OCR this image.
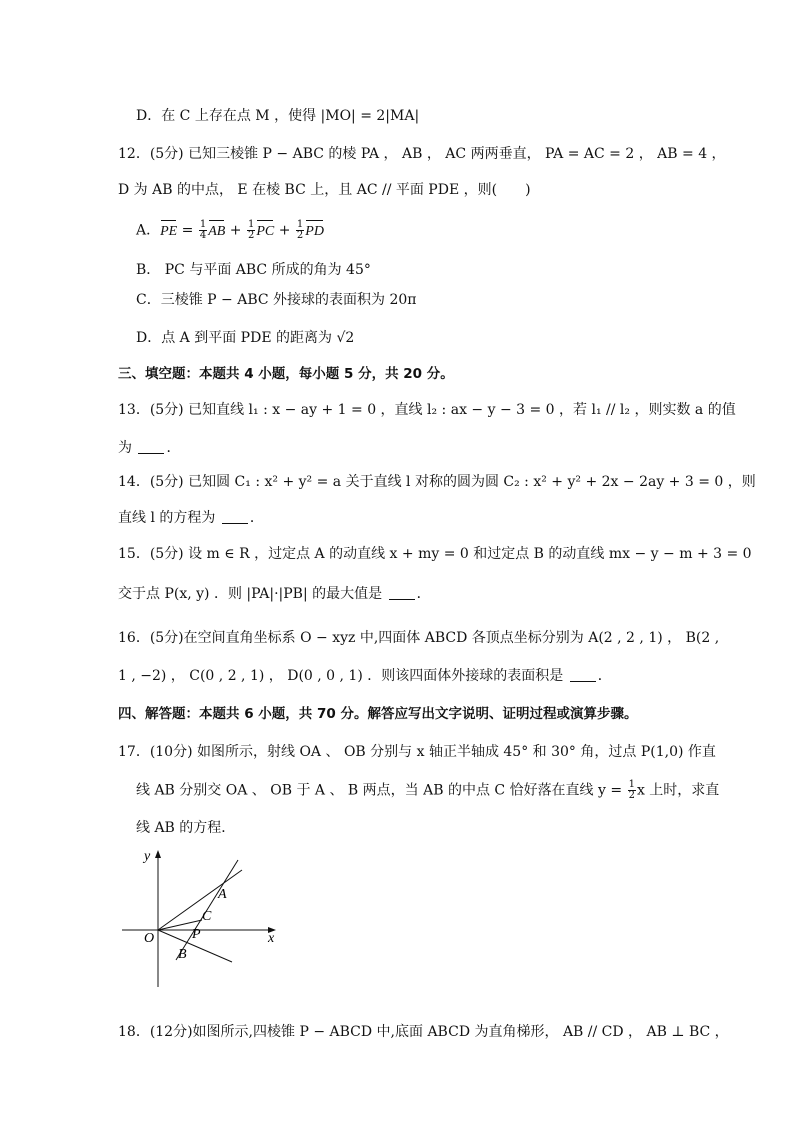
D．在 C 上存在点 M ，使得 |MO| = 2|MA|
12．(5分) 已知三棱锥 P − ABC 的棱 PA ， AB ， AC 两两垂直， PA = AC = 2 ， AB = 4 ，
D 为 AB 的中点， E 在棱 BC 上，且 AC // 平面 PDE ，则(　　)
A．PE = $\frac{1}{4}$ AB + $\frac{1}{2}$ PC + $\frac{1}{2}$ PD
B． PC 与平面 ABC 所成的角为 45°
C．三棱锥 P − ABC 外接球的表面积为 20π
D．点 A 到平面 PDE 的距离为 √2
三、填空题：本题共 4 小题，每小题 5 分，共 20 分。
13．(5分) 已知直线 l₁ : x − ay + 1 = 0 ，直线 l₂ : ax − y − 3 = 0 ，若 l₁ // l₂ ，则实数 a 的值
为 ．
14．(5分) 已知圆 C₁ : x² + y² = a 关于直线 l 对称的圆为圆 C₂ : x² + y² + 2x − 2ay + 3 = 0 ，则
直线 l 的方程为 ．
15．(5分) 设 m ∈ R ，过定点 A 的动直线 x + my = 0 和过定点 B 的动直线 mx − y − m + 3 = 0
交于点 P(x, y) ．则 |PA|·|PB| 的最大值是 ．
16．(5分)在空间直角坐标系 O − xyz 中,四面体 ABCD 各顶点坐标分别为 A(2 , 2 , 1) ， B(2 ,
1 , −2) ， C(0 , 2 , 1) ， D(0 , 0 , 1) ．则该四面体外接球的表面积是 ．
四、解答题：本题共 6 小题，共 70 分。解答应写出文字说明、证明过程或演算步骤。
17．(10分) 如图所示，射线 OA 、 OB 分别与 x 轴正半轴成 45° 和 30° 角，过点 P(1,0) 作直
线 AB 分别交 OA 、 OB 于 A 、 B 两点，当 AB 的中点 C 恰好落在直线 $y = \frac{1}{2}$ x 上时，求直
线 AB 的方程．
y
x
O
A
C
P
B
18．(12分)如图所示,四棱锥 P − ABCD 中,底面 ABCD 为直角梯形， AB // CD ， AB ⊥ BC ，
